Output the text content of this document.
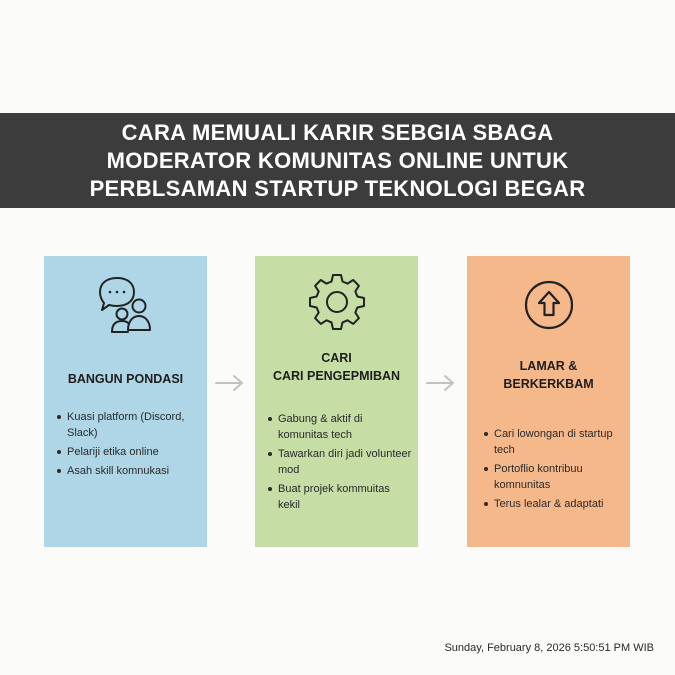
CARA MEMUALI KARIR SEBGIA SBAGA
MODERATOR KOMUNITAS ONLINE UNTUK
PERBLSAMAN STARTUP TEKNOLOGI BEGAR
BANGUN PONDASI
Kuasi platform (Discord, Slack)
Pelariji etika online
Asah skill komnukasi
CARI
CARI PENGEPMIBAN
Gabung & aktif di komunitas tech
Tawarkan diri jadi volunteer mod
Buat projek kommuitas kekil
LAMAR &
BERKERKBAM
Cari lowongan di startup tech
Portoflio kontribuu komnunitas
Terus lealar & adaptati
Sunday, February 8, 2026 5:50:51 PM WIB
